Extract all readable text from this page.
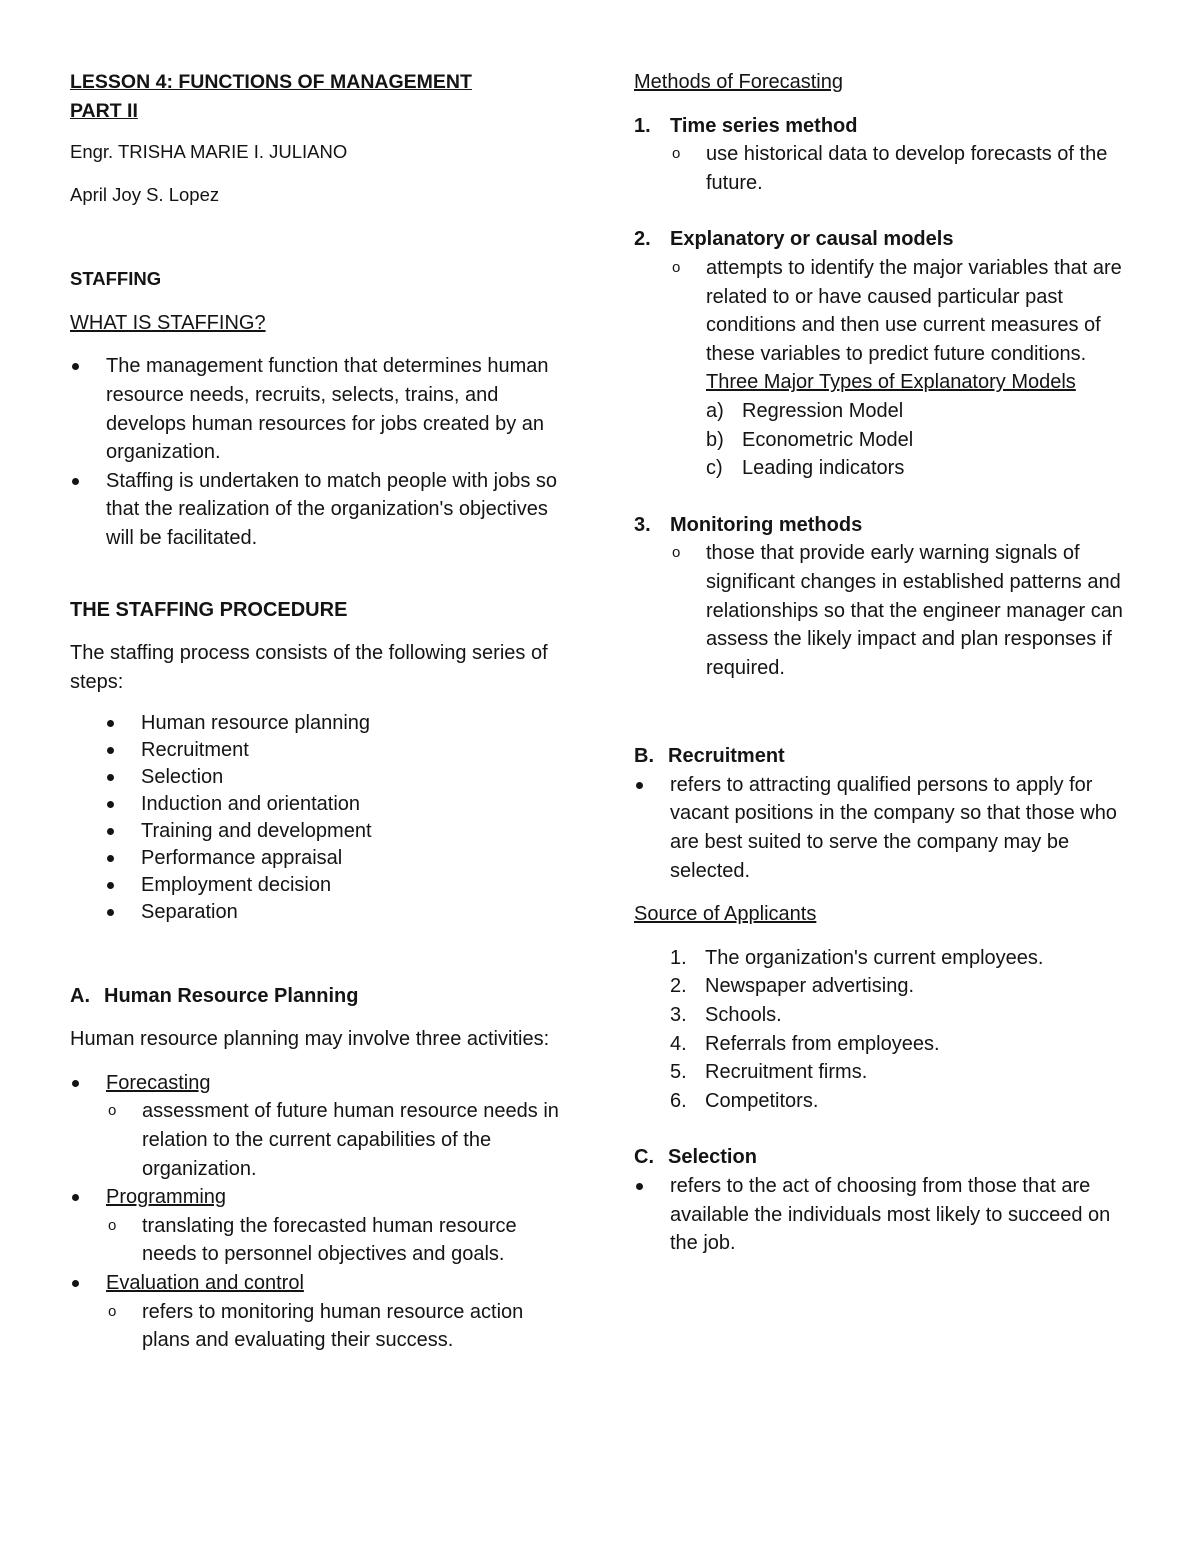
LESSON 4: FUNCTIONS OF MANAGEMENT

PART II

Engr. TRISHA MARIE I. JULIANO

April Joy S. Lopez

STAFFING

WHAT IS STAFFING?

The management function that determines human resource needs, recruits, selects, trains, and develops human resources for jobs created by an organization.
Staffing is undertaken to match people with jobs so that the realization of the organization's objectives will be facilitated.

THE STAFFING PROCEDURE

The staffing process consists of the following series of steps:

Human resource planning
Recruitment
Selection
Induction and orientation
Training and development
Performance appraisal
Employment decision
Separation

A. Human Resource Planning

Human resource planning may involve three activities:

Forecasting
o assessment of future human resource needs in relation to the current capabilities of the organization.
Programming
o translating the forecasted human resource needs to personnel objectives and goals.
Evaluation and control
o refers to monitoring human resource action plans and evaluating their success.

Methods of Forecasting

1. Time series method
o use historical data to develop forecasts of the future.
2. Explanatory or causal models
o attempts to identify the major variables that are related to or have caused particular past conditions and then use current measures of these variables to predict future conditions.

Three Major Types of Explanatory Models

a) Regression Model
b) Econometric Model
c) Leading indicators
3. Monitoring methods
o those that provide early warning signals of significant changes in established patterns and relationships so that the engineer manager can assess the likely impact and plan responses if required.

B. Recruitment

refers to attracting qualified persons to apply for vacant positions in the company so that those who are best suited to serve the company may be selected.

Source of Applicants

1. The organization's current employees.
2. Newspaper advertising.
3. Schools.
4. Referrals from employees.
5. Recruitment firms.
6. Competitors.

C. Selection

refers to the act of choosing from those that are available the individuals most likely to succeed on the job.
